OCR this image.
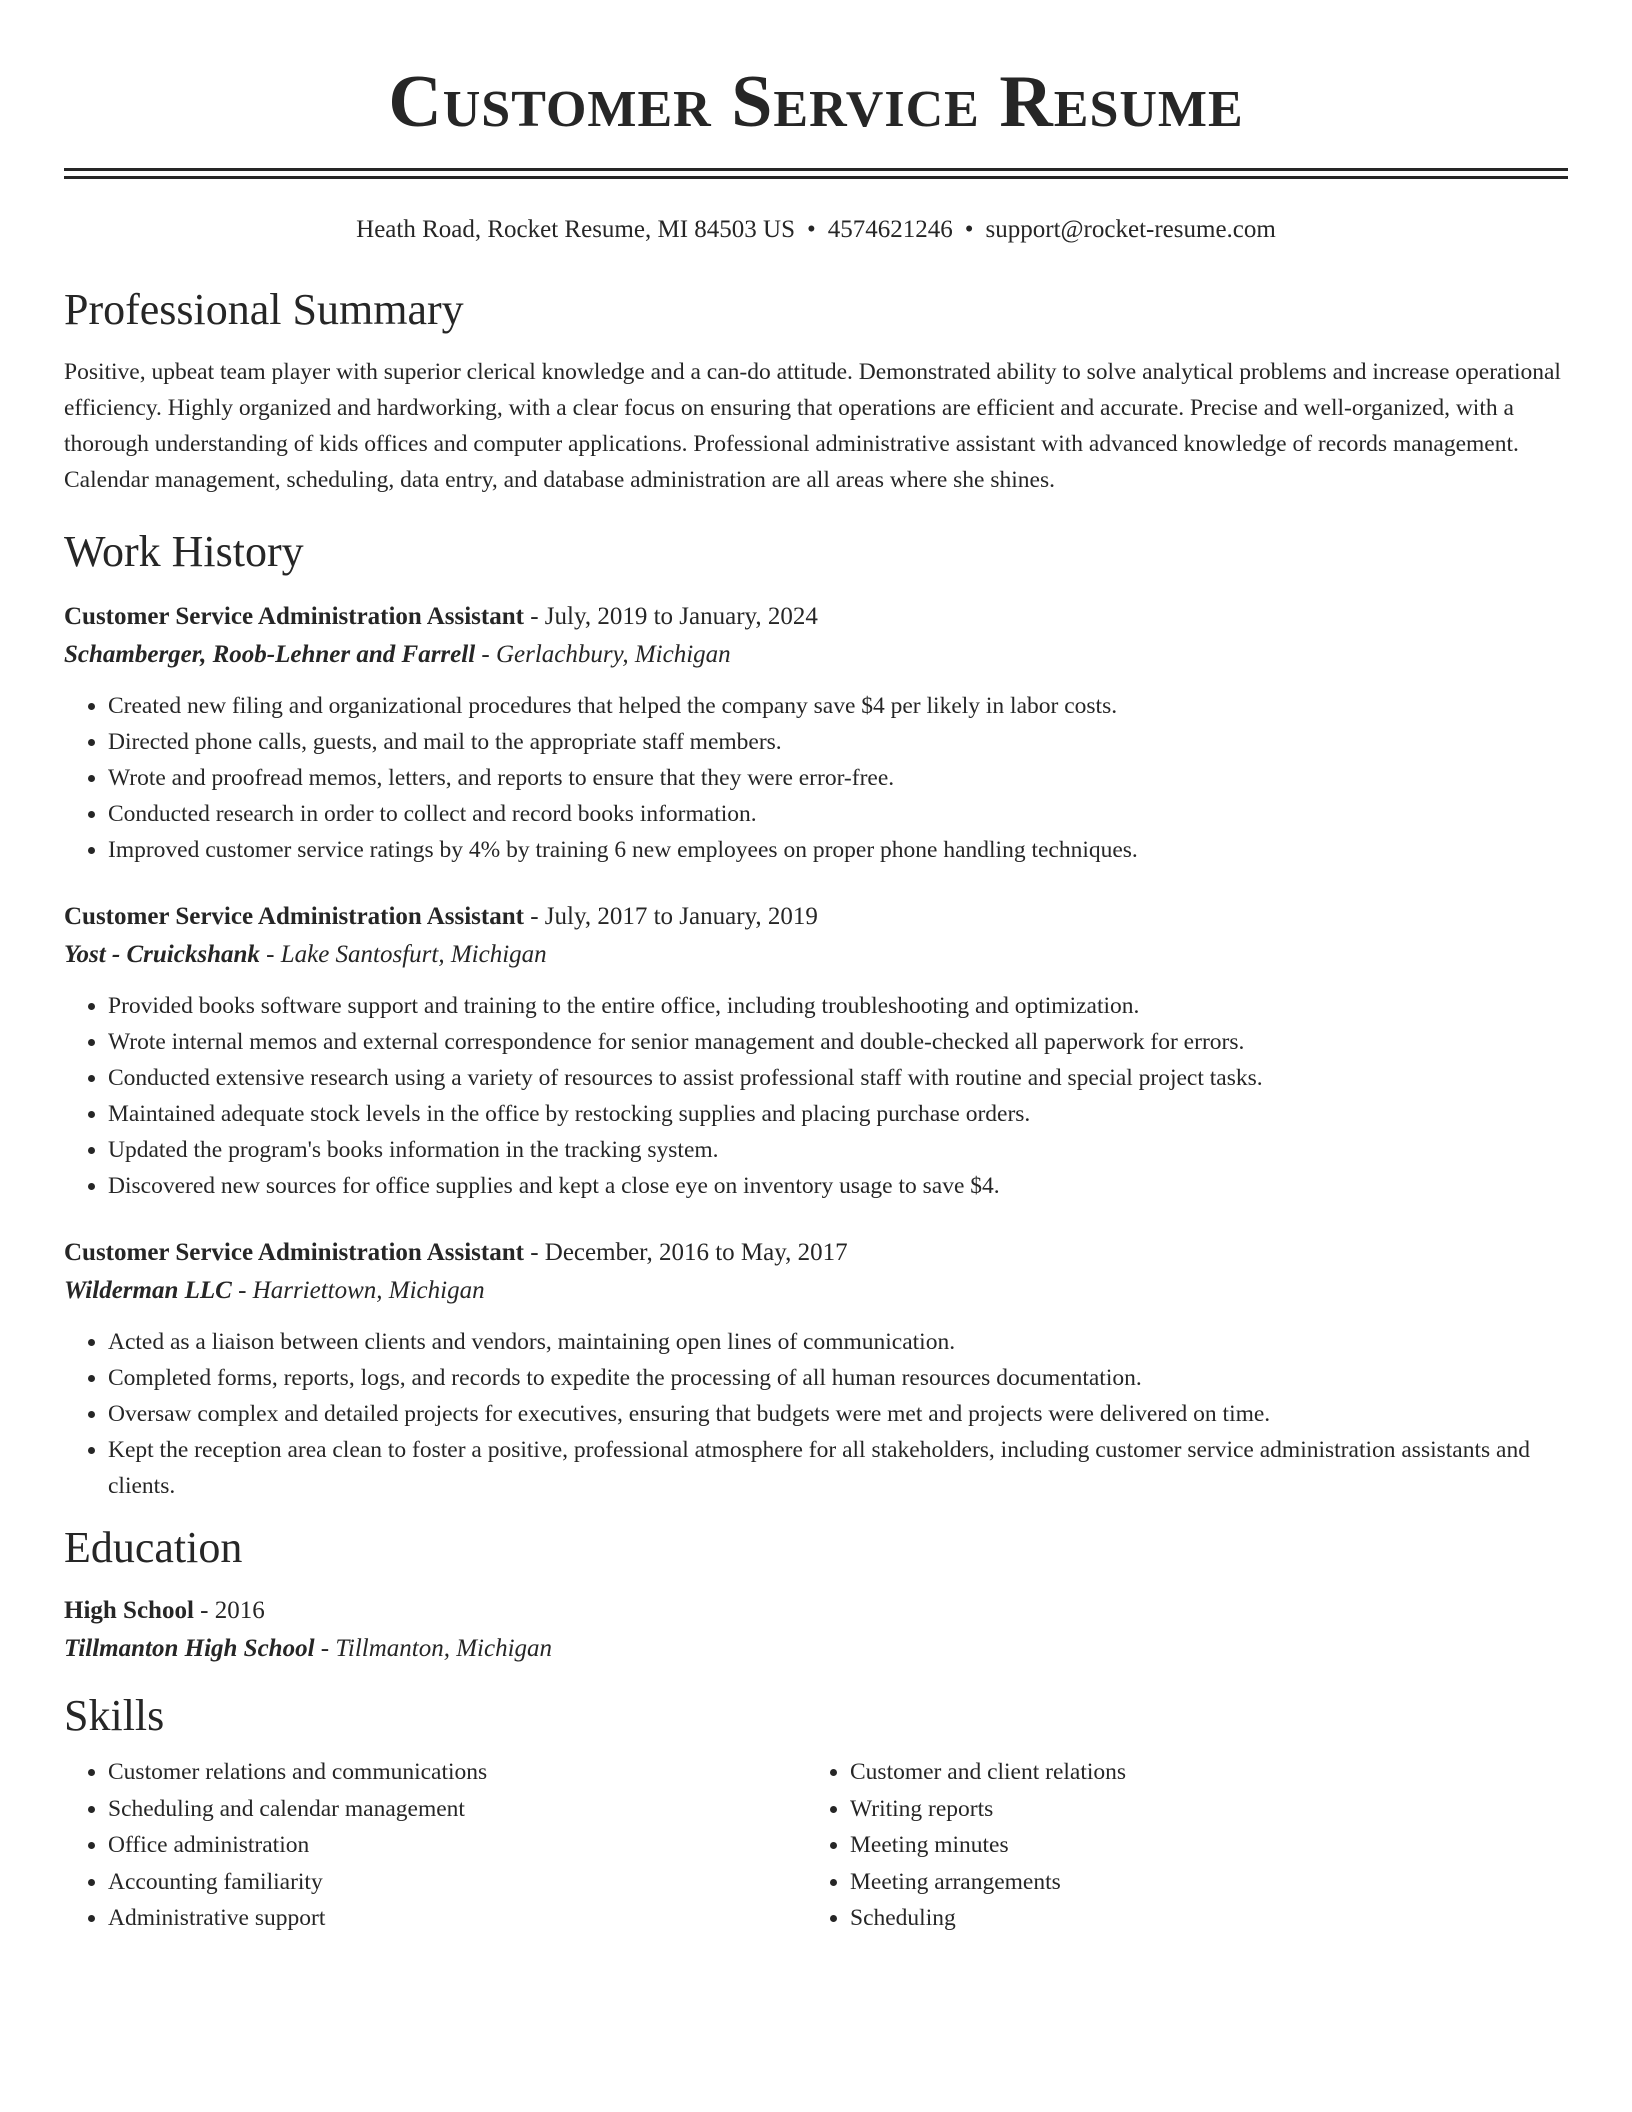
Customer Service Resume
Heath Road, Rocket Resume, MI 84503 US • 4574621246 • support@rocket-resume.com
Professional Summary
Positive, upbeat team player with superior clerical knowledge and a can-do attitude. Demonstrated ability to solve analytical problems and increase operational efficiency. Highly organized and hardworking, with a clear focus on ensuring that operations are efficient and accurate. Precise and well-organized, with a thorough understanding of kids offices and computer applications. Professional administrative assistant with advanced knowledge of records management. Calendar management, scheduling, data entry, and database administration are all areas where she shines.
Work History
Customer Service Administration Assistant - July, 2019 to January, 2024
Schamberger, Roob-Lehner and Farrell - Gerlachbury, Michigan
• Created new filing and organizational procedures that helped the company save $4 per likely in labor costs.
• Directed phone calls, guests, and mail to the appropriate staff members.
• Wrote and proofread memos, letters, and reports to ensure that they were error-free.
• Conducted research in order to collect and record books information.
• Improved customer service ratings by 4% by training 6 new employees on proper phone handling techniques.
Customer Service Administration Assistant - July, 2017 to January, 2019
Yost - Cruickshank - Lake Santosfurt, Michigan
• Provided books software support and training to the entire office, including troubleshooting and optimization.
• Wrote internal memos and external correspondence for senior management and double-checked all paperwork for errors.
• Conducted extensive research using a variety of resources to assist professional staff with routine and special project tasks.
• Maintained adequate stock levels in the office by restocking supplies and placing purchase orders.
• Updated the program's books information in the tracking system.
• Discovered new sources for office supplies and kept a close eye on inventory usage to save $4.
Customer Service Administration Assistant - December, 2016 to May, 2017
Wilderman LLC - Harriettown, Michigan
• Acted as a liaison between clients and vendors, maintaining open lines of communication.
• Completed forms, reports, logs, and records to expedite the processing of all human resources documentation.
• Oversaw complex and detailed projects for executives, ensuring that budgets were met and projects were delivered on time.
• Kept the reception area clean to foster a positive, professional atmosphere for all stakeholders, including customer service administration assistants and clients.
Education
High School - 2016
Tillmanton High School - Tillmanton, Michigan
Skills
• Customer relations and communications
• Scheduling and calendar management
• Office administration
• Accounting familiarity
• Administrative support
• Customer and client relations
• Writing reports
• Meeting minutes
• Meeting arrangements
• Scheduling
